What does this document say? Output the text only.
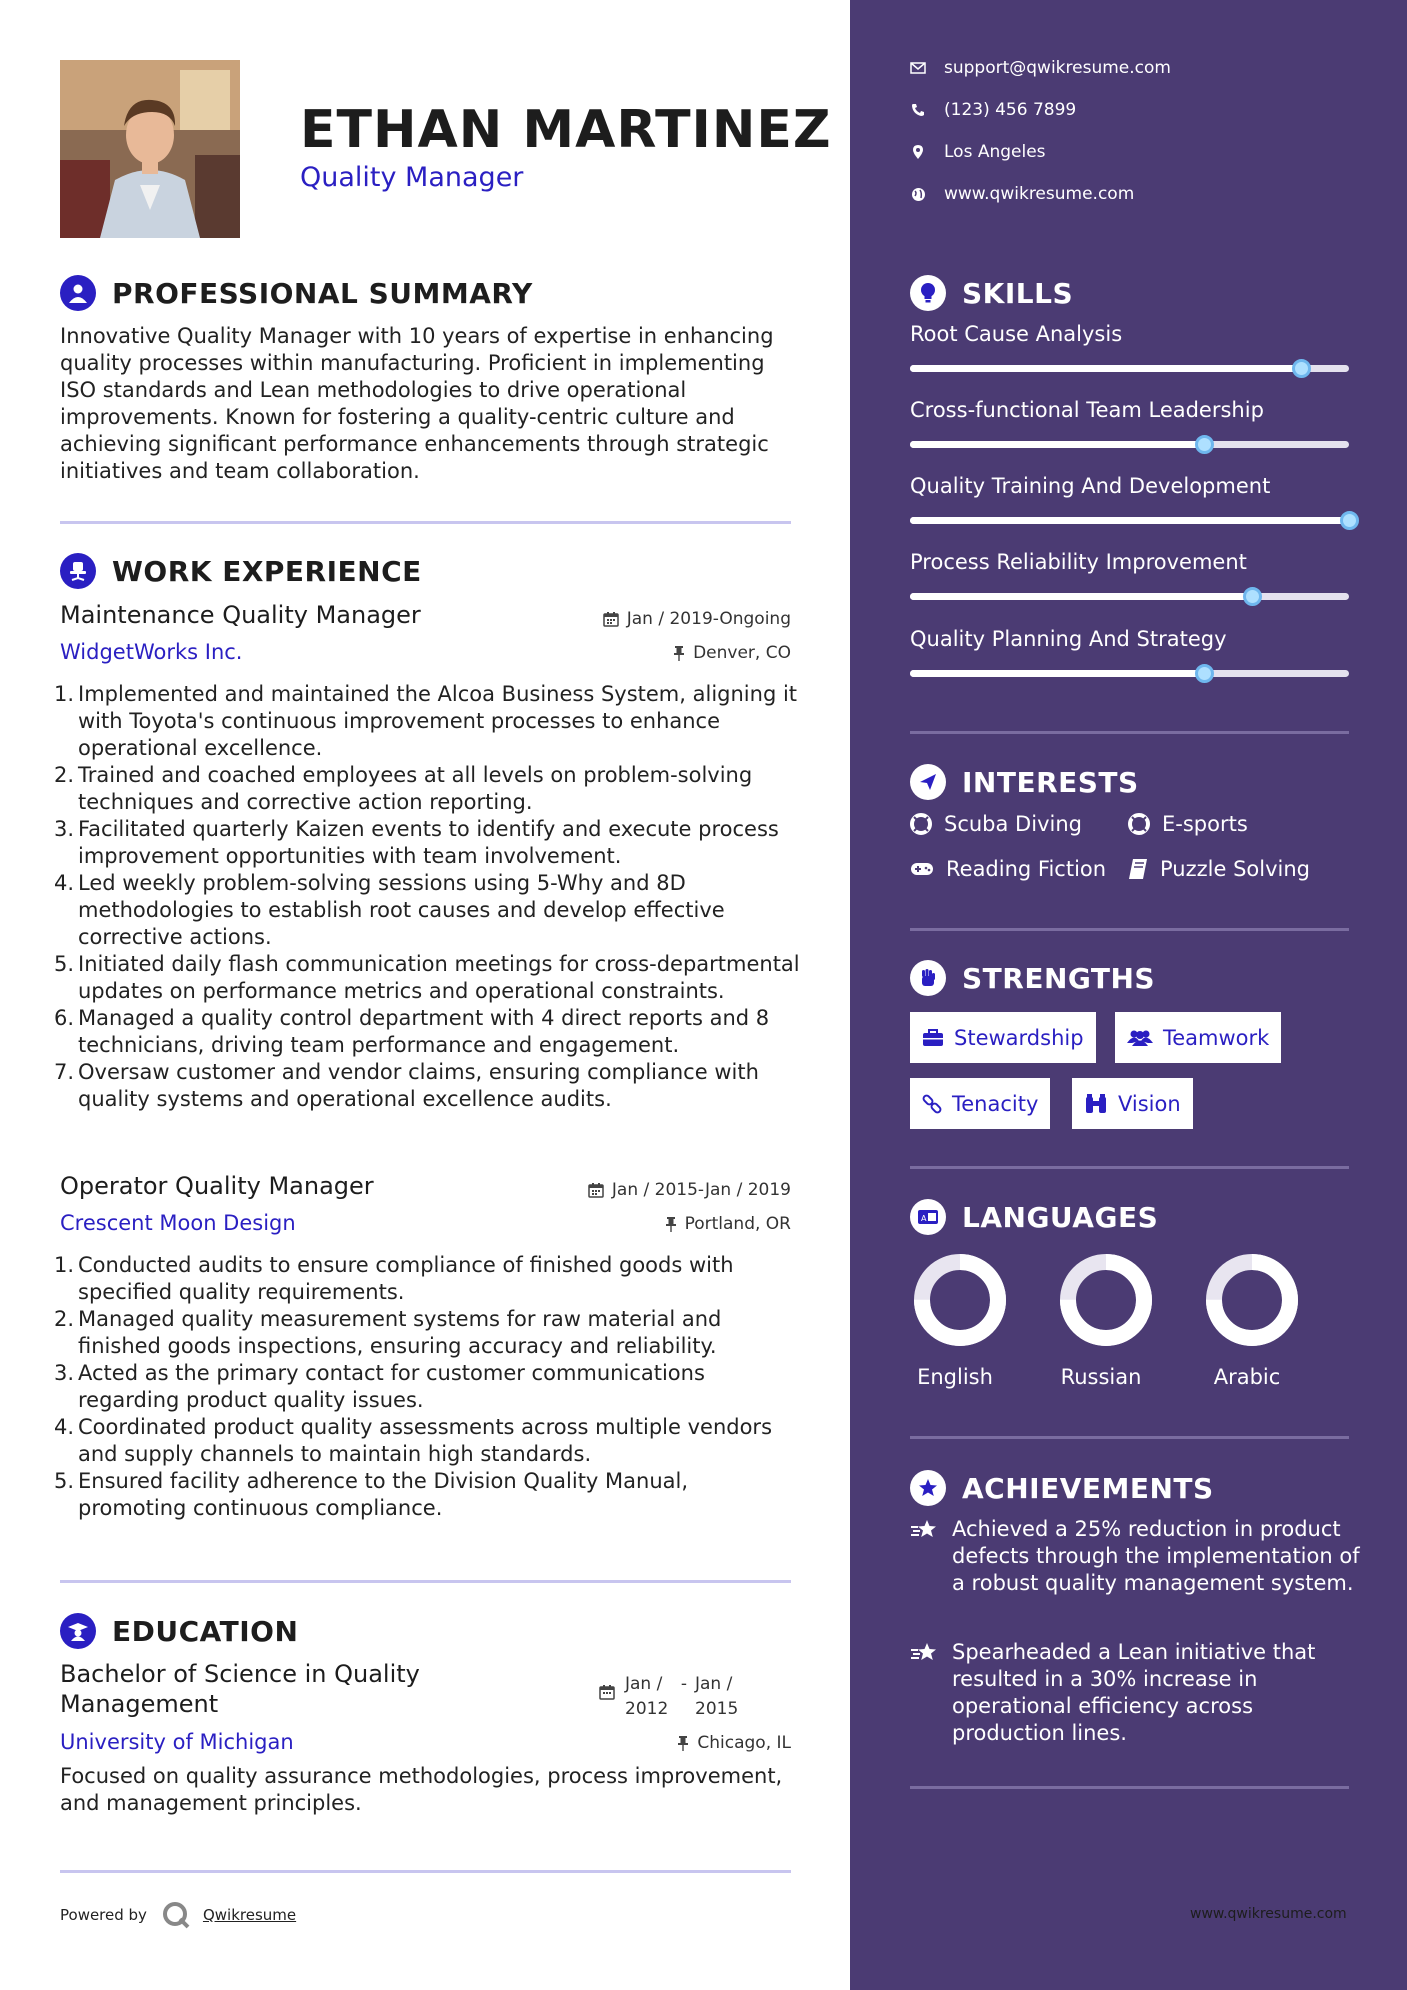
ETHAN MARTINEZ
Quality Manager
PROFESSIONAL SUMMARY
Innovative Quality Manager with 10 years of expertise in enhancing quality processes within manufacturing. Proficient in implementing ISO standards and Lean methodologies to drive operational improvements. Known for fostering a quality-centric culture and achieving significant performance enhancements through strategic initiatives and team collaboration.
WORK EXPERIENCE
Maintenance Quality Manager	Jan / 2019-Ongoing
WidgetWorks Inc.	Denver, CO
Implemented and maintained the Alcoa Business System, aligning it with Toyota's continuous improvement processes to enhance operational excellence.
Trained and coached employees at all levels on problem-solving techniques and corrective action reporting.
Facilitated quarterly Kaizen events to identify and execute process improvement opportunities with team involvement.
Led weekly problem-solving sessions using 5-Why and 8D methodologies to establish root causes and develop effective corrective actions.
Initiated daily flash communication meetings for cross-departmental updates on performance metrics and operational constraints.
Managed a quality control department with 4 direct reports and 8 technicians, driving team performance and engagement.
Oversaw customer and vendor claims, ensuring compliance with quality systems and operational excellence audits.
Operator Quality Manager	Jan / 2015-Jan / 2019
Crescent Moon Design	Portland, OR
Conducted audits to ensure compliance of finished goods with specified quality requirements.
Managed quality measurement systems for raw material and finished goods inspections, ensuring accuracy and reliability.
Acted as the primary contact for customer communications regarding product quality issues.
Coordinated product quality assessments across multiple vendors and supply channels to maintain high standards.
Ensured facility adherence to the Division Quality Manual, promoting continuous compliance.
EDUCATION
Bachelor of Science in Quality Management
Jan / 2012
- Jan / 2015
University of Michigan	Chicago, IL
Focused on quality assurance methodologies, process improvement, and management principles.
Powered by	Qwikresume
support@qwikresume.com
(123) 456 7899
Los Angeles
www.qwikresume.com
SKILLS
Root Cause Analysis
Cross-functional Team Leadership
Quality Training And Development
Process Reliability Improvement
Quality Planning And Strategy
INTERESTS
Scuba Diving	E-sports
Reading Fiction	Puzzle Solving
STRENGTHS
Stewardship	Teamwork
Tenacity	Vision
A LANGUAGES
English	Russian	Arabic
ACHIEVEMENTS
Achieved a 25% reduction in product defects through the implementation of a robust quality management system.
Spearheaded a Lean initiative that resulted in a 30% increase in operational efficiency across production lines.
www.qwikresume.com
